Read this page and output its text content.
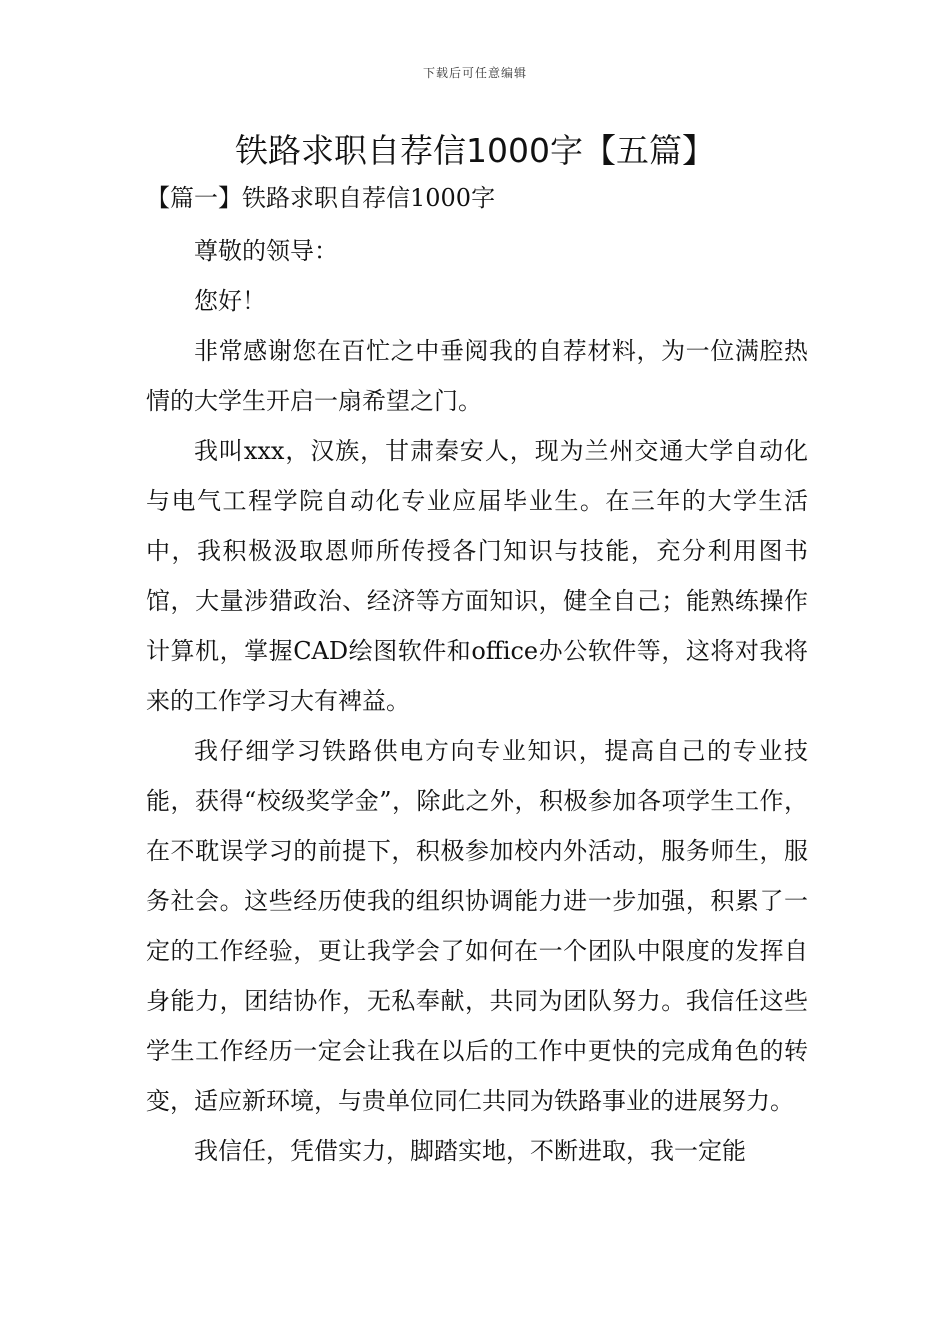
下载后可任意编辑
铁路求职自荐信1000字【五篇】
【篇一】铁路求职自荐信1000字

尊敬的领导：

您好！

非常感谢您在百忙之中垂阅我的自荐材料，为一位满腔热情的大学生开启一扇希望之门。

我叫xxx，汉族，甘肃秦安人，现为兰州交通大学自动化与电气工程学院自动化专业应届毕业生。在三年的大学生活中，我积极汲取恩师所传授各门知识与技能，充分利用图书馆，大量涉猎政治、经济等方面知识，健全自己；能熟练操作计算机，掌握CAD绘图软件和office办公软件等，这将对我将来的工作学习大有裨益。

我仔细学习铁路供电方向专业知识，提高自己的专业技能，获得“校级奖学金”，除此之外，积极参加各项学生工作，在不耽误学习的前提下，积极参加校内外活动，服务师生，服务社会。这些经历使我的组织协调能力进一步加强，积累了一定的工作经验，更让我学会了如何在一个团队中限度的发挥自身能力，团结协作，无私奉献，共同为团队努力。我信任这些学生工作经历一定会让我在以后的工作中更快的完成角色的转变，适应新环境，与贵单位同仁共同为铁路事业的进展努力。

我信任，凭借实力，脚踏实地，不断进取，我一定能
